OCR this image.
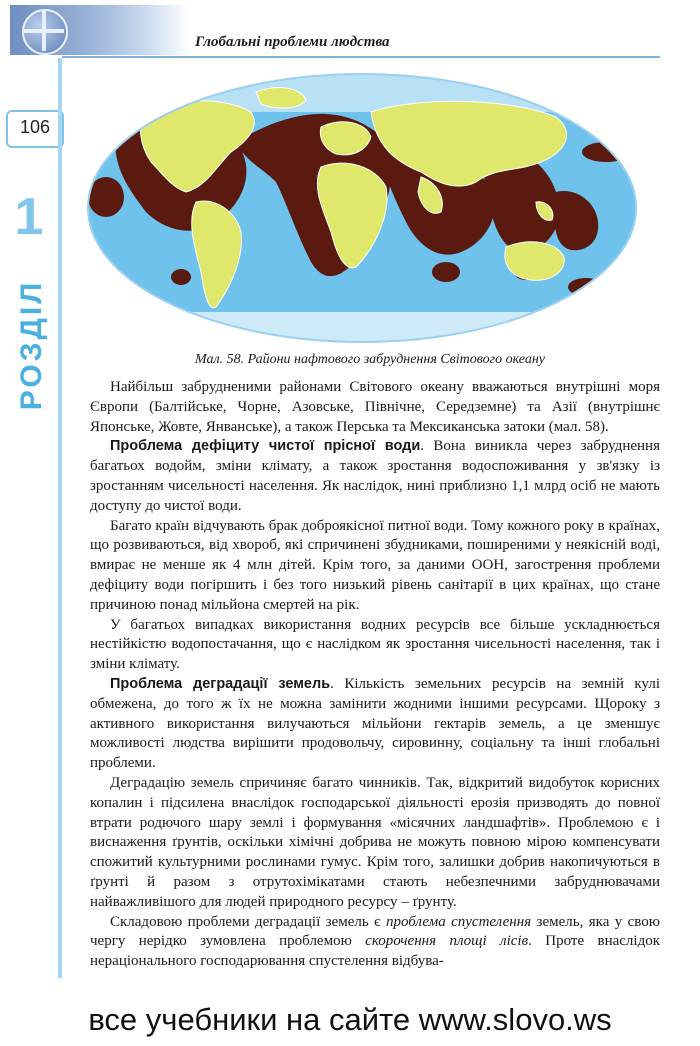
Глобальні проблеми людства
106
1
РОЗДІЛ	Мал. 58. Райони нафтового забруднення Світового океану

Найбільш забрудненими районами Світового океану вважаються внутрішні моря Європи (Балтійське, Чорне, Азовське, Північне, Середземне) та Азії (внутрішнє Японське, Жовте, Янванське), а також Перська та Мексиканська затоки (мал. 58).

Проблема дефіциту чистої прісної води. Вона виникла через забруднення багатьох водойм, зміни клімату, а також зростання водоспоживання у зв'язку із зростанням чисельності населення. Як наслідок, нині приблизно 1,1 млрд осіб не мають доступу до чистої води.

Багато країн відчувають брак доброякісної питної води. Тому кожного року в країнах, що розвиваються, від хвороб, які спричинені збудниками, поширеними у неякісній воді, вмирає не менше як 4 млн дітей. Крім того, за даними ООН, загострення проблеми дефіциту води погіршить і без того низький рівень санітарії в цих країнах, що стане причиною понад мільйона смертей на рік.

У багатьох випадках використання водних ресурсів все більше ускладнюється нестійкістю водопостачання, що є наслідком як зростання чисельності населення, так і зміни клімату.

Проблема деградації земель. Кількість земельних ресурсів на земній кулі обмежена, до того ж їх не можна замінити жодними іншими ресурсами. Щороку з активного використання вилучаються мільйони гектарів земель, а це зменшує можливості людства вирішити продовольчу, сировинну, соціальну та інші глобальні проблеми.

Деградацію земель спричиняє багато чинників. Так, відкритий видобуток корисних копалин і підсилена внаслідок господарської діяльності ерозія призводять до повної втрати родючого шару землі і формування «місячних ландшафтів». Проблемою є і виснаження ґрунтів, оскільки хімічні добрива не можуть повною мірою компенсувати спожитий культурними рослинами гумус. Крім того, залишки добрив накопичуються в ґрунті й разом з отрутохімікатами стають небезпечними забруднювачами найважливішого для людей природного ресурсу – ґрунту.

Складовою проблеми деградації земель є проблема спустелення земель, яка у свою чергу нерідко зумовлена проблемою скорочення площі лісів. Проте внаслідок нераціонального господарювання спустелення відбува-

все учебники на сайте www.slovo.ws
